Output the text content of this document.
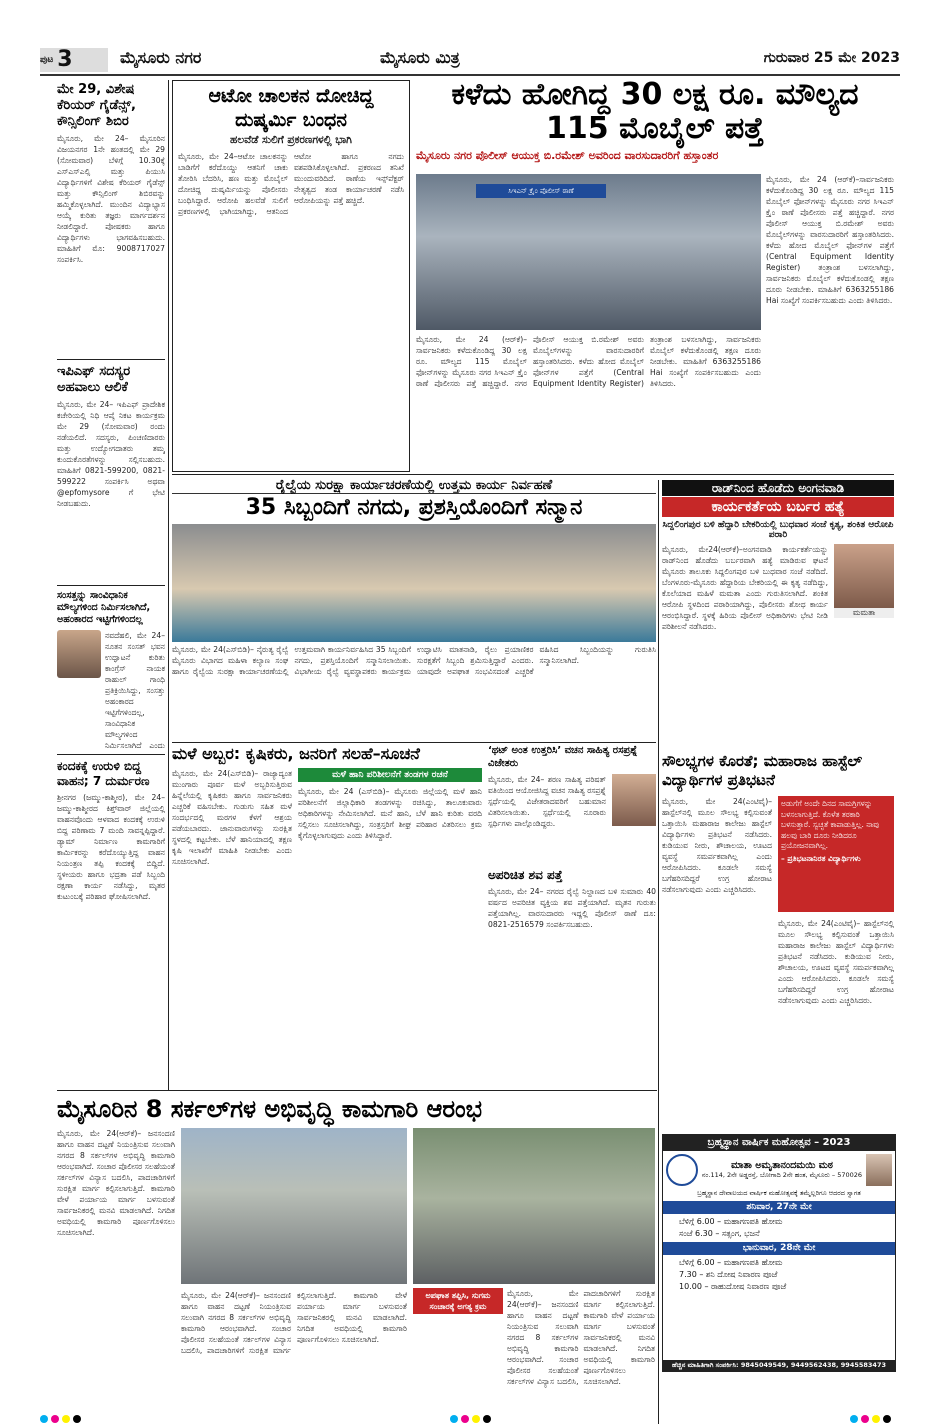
ಪುಟ 3	ಮೈಸೂರು ನಗರ	ಮೈಸೂರು ಮಿತ್ರ	ಗುರುವಾರ 25 ಮೇ 2023
ಮೇ 29, ವಿಶೇಷ ಕೆರಿಯರ್ ಗೈಡೆನ್ಸ್, ಕೌನ್ಸಿಲಿಂಗ್ ಶಿಬಿರ
ಮೈಸೂರು, ಮೇ 24– ಮೈಸೂರಿನ ವಿಜಯನಗರ 1ನೇ ಹಂತದಲ್ಲಿ ಮೇ 29 (ಸೋಮವಾರ) ಬೆಳಿಗ್ಗೆ 10.30ಕ್ಕೆ ಎಸ್ಎಸ್ಎಲ್ಸಿ ಮತ್ತು ಪಿಯುಸಿ ವಿದ್ಯಾರ್ಥಿಗಳಿಗೆ ವಿಶೇಷ ಕೆರಿಯರ್ ಗೈಡೆನ್ಸ್ ಮತ್ತು ಕೌನ್ಸಿಲಿಂಗ್ ಶಿಬಿರವನ್ನು ಹಮ್ಮಿಕೊಳ್ಳಲಾಗಿದೆ. ಮುಂದಿನ ವಿದ್ಯಾಭ್ಯಾಸ ಆಯ್ಕೆ ಕುರಿತು ತಜ್ಞರು ಮಾರ್ಗದರ್ಶನ ನೀಡಲಿದ್ದಾರೆ. ಪೋಷಕರು ಹಾಗೂ ವಿದ್ಯಾರ್ಥಿಗಳು ಭಾಗವಹಿಸಬಹುದು. ಮಾಹಿತಿಗೆ ಮೊ: 9008717027 ಸಂಪರ್ಕಿಸಿ.
ಇಪಿಎಫ್ ಸದಸ್ಯರ ಅಹವಾಲು ಆಲಿಕೆ
ಮೈಸೂರು, ಮೇ 24– ಇಪಿಎಫ್ ಪ್ರಾದೇಶಿಕ ಕಚೇರಿಯಲ್ಲಿ ನಿಧಿ ಆಪ್ಕೆ ನಿಕಟ ಕಾರ್ಯಕ್ರಮ ಮೇ 29 (ಸೋಮವಾರ) ರಂದು ನಡೆಯಲಿದೆ. ಸದಸ್ಯರು, ಪಿಂಚಣಿದಾರರು ಮತ್ತು ಉದ್ಯೋಗದಾತರು ತಮ್ಮ ಕುಂದುಕೊರತೆಗಳನ್ನು ಸಲ್ಲಿಸಬಹುದು. ಮಾಹಿತಿಗೆ 0821-599200, 0821-599222 ಸಂಪರ್ಕಿಸಿ ಅಥವಾ @epfomysore ಗೆ ಭೇಟಿ ನೀಡಬಹುದು.
ಸಂಸತ್ತನ್ನು ಸಾಂವಿಧಾನಿಕ ಮೌಲ್ಯಗಳಿಂದ ನಿರ್ಮಿಸಲಾಗಿದೆ, ಅಹಂಕಾರದ ಇಟ್ಟಿಗೆಗಳಿಂದಲ್ಲ
ನವದೆಹಲಿ, ಮೇ 24– ನೂತನ ಸಂಸತ್ ಭವನ ಉದ್ಘಾಟನೆ ಕುರಿತು ಕಾಂಗ್ರೆಸ್ ನಾಯಕ ರಾಹುಲ್ ಗಾಂಧಿ ಪ್ರತಿಕ್ರಿಯಿಸಿದ್ದು, ಸಂಸತ್ತು ಅಹಂಕಾರದ ಇಟ್ಟಿಗೆಗಳಿಂದಲ್ಲ, ಸಾಂವಿಧಾನಿಕ ಮೌಲ್ಯಗಳಿಂದ ನಿರ್ಮಿಸಲಾಗಿದೆ ಎಂದು
ಕಂದಕಕ್ಕೆ ಉರುಳಿ ಬಿದ್ದ ವಾಹನ; 7 ದುರ್ಮರಣ
ಶ್ರೀನಗರ (ಜಮ್ಮು-ಕಾಶ್ಮೀರ), ಮೇ 24– ಜಮ್ಮು-ಕಾಶ್ಮೀರದ ಕಿಶ್ತ್‌ವಾರ್ ಜಿಲ್ಲೆಯಲ್ಲಿ ವಾಹನವೊಂದು ಆಳವಾದ ಕಂದಕಕ್ಕೆ ಉರುಳಿ ಬಿದ್ದ ಪರಿಣಾಮ 7 ಮಂದಿ ಸಾವನ್ನಪ್ಪಿದ್ದಾರೆ. ಡ್ಯಾಮ್ ನಿರ್ಮಾಣ ಕಾಮಗಾರಿಗೆ ಕಾರ್ಮಿಕರನ್ನು ಕರೆದೊಯ್ಯುತ್ತಿದ್ದ ವಾಹನ ನಿಯಂತ್ರಣ ತಪ್ಪಿ ಕಂದಕಕ್ಕೆ ಬಿದ್ದಿದೆ. ಸ್ಥಳೀಯರು ಹಾಗೂ ಭದ್ರತಾ ಪಡೆ ಸಿಬ್ಬಂದಿ ರಕ್ಷಣಾ ಕಾರ್ಯ ನಡೆಸಿದ್ದು, ಮೃತರ ಕುಟುಂಬಕ್ಕೆ ಪರಿಹಾರ ಘೋಷಿಸಲಾಗಿದೆ.
ಆಟೋ ಚಾಲಕನ ದೋಚಿದ್ದ ದುಷ್ಕರ್ಮಿ ಬಂಧನ
ಹಲವೆಡೆ ಸುಲಿಗೆ ಪ್ರಕರಣಗಳಲ್ಲಿ ಭಾಗಿ
ಮೈಸೂರು, ಮೇ 24–ಆಟೋ ಚಾಲಕನನ್ನು ಬಾಡಿಗೆಗೆ ಕರೆದೊಯ್ದು ಆತನಿಗೆ ಚಾಕು ತೋರಿಸಿ ಬೆದರಿಸಿ, ಹಣ ಮತ್ತು ಮೊಬೈಲ್ ದೋಚಿದ್ದ ದುಷ್ಕರ್ಮಿಯನ್ನು ಪೊಲೀಸರು ಬಂಧಿಸಿದ್ದಾರೆ. ಆರೋಪಿ ಹಲವೆಡೆ ಸುಲಿಗೆ ಪ್ರಕರಣಗಳಲ್ಲಿ ಭಾಗಿಯಾಗಿದ್ದು, ಆತನಿಂದ ಆಟೋ ಹಾಗೂ ನಗದು ವಶಪಡಿಸಿಕೊಳ್ಳಲಾಗಿದೆ. ಪ್ರಕರಣದ ತನಿಖೆ ಮುಂದುವರಿದಿದೆ. ಠಾಣೆಯ ಇನ್ಸ್‌ಪೆಕ್ಟರ್ ನೇತೃತ್ವದ ತಂಡ ಕಾರ್ಯಾಚರಣೆ ನಡೆಸಿ ಆರೋಪಿಯನ್ನು ಪತ್ತೆ ಹಚ್ಚಿದೆ.
ಕಳೆದು ಹೋಗಿದ್ದ 30 ಲಕ್ಷ ರೂ. ಮೌಲ್ಯದ 115 ಮೊಬೈಲ್ ಪತ್ತೆ
ಮೈಸೂರು ನಗರ ಪೊಲೀಸ್ ಆಯುಕ್ತ ಬಿ.ರಮೇಶ್ ಅವರಿಂದ ವಾರಸುದಾರರಿಗೆ ಹಸ್ತಾಂತರ
ಸಿಇಎನ್ ಕ್ರೈಂ ಪೊಲೀಸ್ ಠಾಣೆ
ಮೈಸೂರು, ಮೇ 24 (ಆರ್‌ಕೆ)–ಸಾರ್ವಜನಿಕರು ಕಳೆದುಕೊಂಡಿದ್ದ 30 ಲಕ್ಷ ರೂ. ಮೌಲ್ಯದ 115 ಮೊಬೈಲ್ ಫೋನ್‌ಗಳನ್ನು ಮೈಸೂರು ನಗರ ಸಿಇಎನ್ ಕ್ರೈಂ ಠಾಣೆ ಪೊಲೀಸರು ಪತ್ತೆ ಹಚ್ಚಿದ್ದಾರೆ. ನಗರ ಪೊಲೀಸ್ ಆಯುಕ್ತ ಬಿ.ರಮೇಶ್ ಅವರು ಮೊಬೈಲ್‌ಗಳನ್ನು ವಾರಸುದಾರರಿಗೆ ಹಸ್ತಾಂತರಿಸಿದರು. ಕಳೆದು ಹೋದ ಮೊಬೈಲ್ ಫೋನ್‌ಗಳ ಪತ್ತೆಗೆ (Central Equipment Identity Register) ತಂತ್ರಾಂಶ ಬಳಸಲಾಗಿದ್ದು, ಸಾರ್ವಜನಿಕರು ಮೊಬೈಲ್ ಕಳೆದುಕೊಂಡಲ್ಲಿ ತಕ್ಷಣ ದೂರು ನೀಡಬೇಕು. ಮಾಹಿತಿಗೆ 6363255186 Hai ಸಂಖ್ಯೆಗೆ ಸಂಪರ್ಕಿಸಬಹುದು ಎಂದು ತಿಳಿಸಿದರು.
ಮೈಸೂರು, ಮೇ 24 (ಆರ್‌ಕೆ)–ಸಾರ್ವಜನಿಕರು ಕಳೆದುಕೊಂಡಿದ್ದ 30 ಲಕ್ಷ ರೂ. ಮೌಲ್ಯದ 115 ಮೊಬೈಲ್ ಫೋನ್‌ಗಳನ್ನು ಮೈಸೂರು ನಗರ ಸಿಇಎನ್ ಕ್ರೈಂ ಠಾಣೆ ಪೊಲೀಸರು ಪತ್ತೆ ಹಚ್ಚಿದ್ದಾರೆ. ನಗರ ಪೊಲೀಸ್ ಆಯುಕ್ತ ಬಿ.ರಮೇಶ್ ಅವರು ಮೊಬೈಲ್‌ಗಳನ್ನು ವಾರಸುದಾರರಿಗೆ ಹಸ್ತಾಂತರಿಸಿದರು. ಕಳೆದು ಹೋದ ಮೊಬೈಲ್ ಫೋನ್‌ಗಳ ಪತ್ತೆಗೆ (Central Equipment Identity Register) ತಂತ್ರಾಂಶ ಬಳಸಲಾಗಿದ್ದು, ಸಾರ್ವಜನಿಕರು ಮೊಬೈಲ್ ಕಳೆದುಕೊಂಡಲ್ಲಿ ತಕ್ಷಣ ದೂರು ನೀಡಬೇಕು. ಮಾಹಿತಿಗೆ 6363255186 Hai ಸಂಖ್ಯೆಗೆ ಸಂಪರ್ಕಿಸಬಹುದು ಎಂದು ತಿಳಿಸಿದರು.
ರೈಲ್ವೆಯ ಸುರಕ್ಷಾ ಕಾರ್ಯಾಚರಣೆಯಲ್ಲಿ ಉತ್ತಮ ಕಾರ್ಯ ನಿರ್ವಹಣೆ
35 ಸಿಬ್ಬಂದಿಗೆ ನಗದು, ಪ್ರಶಸ್ತಿಯೊಂದಿಗೆ ಸನ್ಮಾನ
ಮೈಸೂರು, ಮೇ 24(ಎಸ್‌ಬಿಡಿ)– ನೈರುತ್ಯ ರೈಲ್ವೆ ಮೈಸೂರು ವಿಭಾಗದ ಮಹಿಳಾ ಕಲ್ಯಾಣ ಸಂಘ ಹಾಗೂ ರೈಲ್ವೆಯ ಸುರಕ್ಷಾ ಕಾರ್ಯಾಚರಣೆಯಲ್ಲಿ ಉತ್ತಮವಾಗಿ ಕಾರ್ಯನಿರ್ವಹಿಸಿದ 35 ಸಿಬ್ಬಂದಿಗೆ ನಗದು, ಪ್ರಶಸ್ತಿಯೊಂದಿಗೆ ಸನ್ಮಾನಿಸಲಾಯಿತು. ವಿಭಾಗೀಯ ರೈಲ್ವೆ ವ್ಯವಸ್ಥಾಪಕರು ಕಾರ್ಯಕ್ರಮ ಉದ್ಘಾಟಿಸಿ ಮಾತನಾಡಿ, ರೈಲು ಪ್ರಯಾಣಿಕರ ಸುರಕ್ಷತೆಗೆ ಸಿಬ್ಬಂದಿ ಶ್ರಮಿಸುತ್ತಿದ್ದಾರೆ ಎಂದರು. ಯಾವುದೇ ಅಪಘಾತ ಸಂಭವಿಸದಂತೆ ಎಚ್ಚರಿಕೆ ವಹಿಸಿದ ಸಿಬ್ಬಂದಿಯನ್ನು ಗುರುತಿಸಿ ಸನ್ಮಾನಿಸಲಾಗಿದೆ.
ರಾಡ್‌ನಿಂದ ಹೊಡೆದು ಅಂಗನವಾಡಿ
ಕಾರ್ಯಕರ್ತೆಯ ಬರ್ಬರ ಹತ್ಯೆ
ಸಿದ್ದಲಿಂಗಪುರ ಬಳಿ ಹೆದ್ದಾರಿ ಬೇಕರಿಯಲ್ಲಿ ಬುಧವಾರ ಸಂಜೆ ಕೃತ್ಯ, ಶಂಕಿತ ಆರೋಪಿ ಪರಾರಿ
ಮಮತಾ
ಮೈಸೂರು, ಮೇ24(ಆರ್‌ಕೆ)–ಅಂಗನವಾಡಿ ಕಾರ್ಯಕರ್ತೆಯನ್ನು ರಾಡ್‌ನಿಂದ ಹೊಡೆದು ಬರ್ಬರವಾಗಿ ಹತ್ಯೆ ಮಾಡಿರುವ ಘಟನೆ ಮೈಸೂರು ತಾಲೂಕು ಸಿದ್ದಲಿಂಗಪುರ ಬಳಿ ಬುಧವಾರ ಸಂಜೆ ನಡೆದಿದೆ. ಬೆಂಗಳೂರು-ಮೈಸೂರು ಹೆದ್ದಾರಿಯ ಬೇಕರಿಯಲ್ಲಿ ಈ ಕೃತ್ಯ ನಡೆದಿದ್ದು, ಕೊಲೆಯಾದ ಮಹಿಳೆ ಮಮತಾ ಎಂದು ಗುರುತಿಸಲಾಗಿದೆ. ಶಂಕಿತ ಆರೋಪಿ ಸ್ಥಳದಿಂದ ಪರಾರಿಯಾಗಿದ್ದು, ಪೊಲೀಸರು ಶೋಧ ಕಾರ್ಯ ಆರಂಭಿಸಿದ್ದಾರೆ. ಸ್ಥಳಕ್ಕೆ ಹಿರಿಯ ಪೊಲೀಸ್ ಅಧಿಕಾರಿಗಳು ಭೇಟಿ ನೀಡಿ ಪರಿಶೀಲನೆ ನಡೆಸಿದರು.
ಮಳೆ ಅಬ್ಬರ: ಕೃಷಿಕರು, ಜನರಿಗೆ ಸಲಹೆ–ಸೂಚನೆ
ಮೈಸೂರು, ಮೇ 24(ಎಸ್‌ಬಿಡಿ)– ರಾಜ್ಯಾದ್ಯಂತ ಮುಂಗಾರು ಪೂರ್ವ ಮಳೆ ಅಬ್ಬರಿಸುತ್ತಿರುವ ಹಿನ್ನೆಲೆಯಲ್ಲಿ ಕೃಷಿಕರು ಹಾಗೂ ಸಾರ್ವಜನಿಕರು ಎಚ್ಚರಿಕೆ ವಹಿಸಬೇಕು. ಗುಡುಗು ಸಹಿತ ಮಳೆ ಸಂದರ್ಭದಲ್ಲಿ ಮರಗಳ ಕೆಳಗೆ ಆಶ್ರಯ ಪಡೆಯಬಾರದು. ಜಾನುವಾರುಗಳನ್ನು ಸುರಕ್ಷಿತ ಸ್ಥಳದಲ್ಲಿ ಕಟ್ಟಬೇಕು. ಬೆಳೆ ಹಾನಿಯಾದಲ್ಲಿ ತಕ್ಷಣ ಕೃಷಿ ಇಲಾಖೆಗೆ ಮಾಹಿತಿ ನೀಡಬೇಕು ಎಂದು ಸೂಚಿಸಲಾಗಿದೆ.
ಮಳೆ ಹಾನಿ ಪರಿಶೀಲನೆಗೆ ತಂಡಗಳ ರಚನೆ
ಮೈಸೂರು, ಮೇ 24 (ಎಸ್‌ಬಿಡಿ)– ಮೈಸೂರು ಜಿಲ್ಲೆಯಲ್ಲಿ ಮಳೆ ಹಾನಿ ಪರಿಶೀಲನೆಗೆ ಜಿಲ್ಲಾಧಿಕಾರಿ ತಂಡಗಳನ್ನು ರಚಿಸಿದ್ದು, ತಾಲೂಕುವಾರು ಅಧಿಕಾರಿಗಳನ್ನು ನೇಮಿಸಲಾಗಿದೆ. ಮನೆ ಹಾನಿ, ಬೆಳೆ ಹಾನಿ ಕುರಿತು ವರದಿ ಸಲ್ಲಿಸಲು ಸೂಚಿಸಲಾಗಿದ್ದು, ಸಂತ್ರಸ್ತರಿಗೆ ಶೀಘ್ರ ಪರಿಹಾರ ವಿತರಿಸಲು ಕ್ರಮ ಕೈಗೊಳ್ಳಲಾಗುವುದು ಎಂದು ತಿಳಿಸಿದ್ದಾರೆ.
‘ಥಟ್ ಅಂತ ಉತ್ತರಿಸಿ’ ವಚನ ಸಾಹಿತ್ಯ ರಸಪ್ರಶ್ನೆ ವಿಜೇತರು
ಮೈಸೂರು, ಮೇ 24– ಶರಣ ಸಾಹಿತ್ಯ ಪರಿಷತ್ ವತಿಯಿಂದ ಆಯೋಜಿಸಿದ್ದ ವಚನ ಸಾಹಿತ್ಯ ರಸಪ್ರಶ್ನೆ ಸ್ಪರ್ಧೆಯಲ್ಲಿ ವಿಜೇತರಾದವರಿಗೆ ಬಹುಮಾನ ವಿತರಿಸಲಾಯಿತು. ಸ್ಪರ್ಧೆಯಲ್ಲಿ ನೂರಾರು ಸ್ಪರ್ಧಿಗಳು ಪಾಲ್ಗೊಂಡಿದ್ದರು.
ಅಪರಿಚಿತ ಶವ ಪತ್ತೆ
ಮೈಸೂರು, ಮೇ 24– ನಗರದ ರೈಲ್ವೆ ನಿಲ್ದಾಣದ ಬಳಿ ಸುಮಾರು 40 ವರ್ಷದ ಅಪರಿಚಿತ ವ್ಯಕ್ತಿಯ ಶವ ಪತ್ತೆಯಾಗಿದೆ. ಮೃತನ ಗುರುತು ಪತ್ತೆಯಾಗಿಲ್ಲ. ವಾರಸುದಾರರು ಇದ್ದಲ್ಲಿ ಪೊಲೀಸ್ ಠಾಣೆ ದೂ: 0821-2516579 ಸಂಪರ್ಕಿಸಬಹುದು.
ಸೌಲಭ್ಯಗಳ ಕೊರತೆ; ಮಹಾರಾಜ ಹಾಸ್ಟೆಲ್ ವಿದ್ಯಾರ್ಥಿಗಳ ಪ್ರತಿಭಟನೆ
ಮೈಸೂರು, ಮೇ 24(ಎಂಟಿವೈ)– ಹಾಸ್ಟೆಲ್‌ನಲ್ಲಿ ಮೂಲ ಸೌಲಭ್ಯ ಕಲ್ಪಿಸುವಂತೆ ಒತ್ತಾಯಿಸಿ ಮಹಾರಾಜ ಕಾಲೇಜು ಹಾಸ್ಟೆಲ್ ವಿದ್ಯಾರ್ಥಿಗಳು ಪ್ರತಿಭಟನೆ ನಡೆಸಿದರು. ಕುಡಿಯುವ ನೀರು, ಶೌಚಾಲಯ, ಊಟದ ವ್ಯವಸ್ಥೆ ಸಮರ್ಪಕವಾಗಿಲ್ಲ ಎಂದು ಆರೋಪಿಸಿದರು. ಕೂಡಲೇ ಸಮಸ್ಯೆ ಬಗೆಹರಿಸದಿದ್ದರೆ ಉಗ್ರ ಹೋರಾಟ ನಡೆಸಲಾಗುವುದು ಎಂದು ಎಚ್ಚರಿಸಿದರು.
ಅಡುಗೆಗೆ ಅಂದೇ ದಿನದ ಸಾಮಗ್ರಿಗಳನ್ನು ಬಳಸಲಾಗುತ್ತಿದೆ. ಕೊಳೆತ ತರಕಾರಿ ಬಳಸುತ್ತಾರೆ. ಸ್ವಚ್ಛತೆ ಕಾಪಾಡುತ್ತಿಲ್ಲ. ನಾವು ಹಲವು ಬಾರಿ ದೂರು ನೀಡಿದರೂ ಪ್ರಯೋಜನವಾಗಿಲ್ಲ.
– ಪ್ರತಿಭಟನಾನಿರತ ವಿದ್ಯಾರ್ಥಿಗಳು
ಮೈಸೂರು, ಮೇ 24(ಎಂಟಿವೈ)– ಹಾಸ್ಟೆಲ್‌ನಲ್ಲಿ ಮೂಲ ಸೌಲಭ್ಯ ಕಲ್ಪಿಸುವಂತೆ ಒತ್ತಾಯಿಸಿ ಮಹಾರಾಜ ಕಾಲೇಜು ಹಾಸ್ಟೆಲ್ ವಿದ್ಯಾರ್ಥಿಗಳು ಪ್ರತಿಭಟನೆ ನಡೆಸಿದರು. ಕುಡಿಯುವ ನೀರು, ಶೌಚಾಲಯ, ಊಟದ ವ್ಯವಸ್ಥೆ ಸಮರ್ಪಕವಾಗಿಲ್ಲ ಎಂದು ಆರೋಪಿಸಿದರು. ಕೂಡಲೇ ಸಮಸ್ಯೆ ಬಗೆಹರಿಸದಿದ್ದರೆ ಉಗ್ರ ಹೋರಾಟ ನಡೆಸಲಾಗುವುದು ಎಂದು ಎಚ್ಚರಿಸಿದರು.
ಮೈಸೂರಿನ 8 ಸರ್ಕಲ್‌ಗಳ ಅಭಿವೃದ್ಧಿ ಕಾಮಗಾರಿ ಆರಂಭ
ಮೈಸೂರು, ಮೇ 24(ಆರ್‌ಕೆ)– ಜನಸಂದಣಿ ಹಾಗೂ ವಾಹನ ದಟ್ಟಣೆ ನಿಯಂತ್ರಿಸುವ ಸಲುವಾಗಿ ನಗರದ 8 ಸರ್ಕಲ್‌ಗಳ ಅಭಿವೃದ್ಧಿ ಕಾಮಗಾರಿ ಆರಂಭವಾಗಿದೆ. ಸಂಚಾರ ಪೊಲೀಸರ ಸಲಹೆಯಂತೆ ಸರ್ಕಲ್‌ಗಳ ವಿನ್ಯಾಸ ಬದಲಿಸಿ, ಪಾದಚಾರಿಗಳಿಗೆ ಸುರಕ್ಷಿತ ಮಾರ್ಗ ಕಲ್ಪಿಸಲಾಗುತ್ತಿದೆ. ಕಾಮಗಾರಿ ವೇಳೆ ಪರ್ಯಾಯ ಮಾರ್ಗ ಬಳಸುವಂತೆ ಸಾರ್ವಜನಿಕರಲ್ಲಿ ಮನವಿ ಮಾಡಲಾಗಿದೆ. ನಿಗದಿತ ಅವಧಿಯಲ್ಲಿ ಕಾಮಗಾರಿ ಪೂರ್ಣಗೊಳಿಸಲು ಸೂಚಿಸಲಾಗಿದೆ.
ಮೈಸೂರು, ಮೇ 24(ಆರ್‌ಕೆ)– ಜನಸಂದಣಿ ಹಾಗೂ ವಾಹನ ದಟ್ಟಣೆ ನಿಯಂತ್ರಿಸುವ ಸಲುವಾಗಿ ನಗರದ 8 ಸರ್ಕಲ್‌ಗಳ ಅಭಿವೃದ್ಧಿ ಕಾಮಗಾರಿ ಆರಂಭವಾಗಿದೆ. ಸಂಚಾರ ಪೊಲೀಸರ ಸಲಹೆಯಂತೆ ಸರ್ಕಲ್‌ಗಳ ವಿನ್ಯಾಸ ಬದಲಿಸಿ, ಪಾದಚಾರಿಗಳಿಗೆ ಸುರಕ್ಷಿತ ಮಾರ್ಗ ಕಲ್ಪಿಸಲಾಗುತ್ತಿದೆ. ಕಾಮಗಾರಿ ವೇಳೆ ಪರ್ಯಾಯ ಮಾರ್ಗ ಬಳಸುವಂತೆ ಸಾರ್ವಜನಿಕರಲ್ಲಿ ಮನವಿ ಮಾಡಲಾಗಿದೆ. ನಿಗದಿತ ಅವಧಿಯಲ್ಲಿ ಕಾಮಗಾರಿ ಪೂರ್ಣಗೊಳಿಸಲು ಸೂಚಿಸಲಾಗಿದೆ.
ಅಪಘಾತ ತಪ್ಪಿಸಿ, ಸುಗಮ ಸಂಚಾರಕ್ಕೆ ಅಗತ್ಯ ಕ್ರಮ
ಮೈಸೂರು, ಮೇ 24(ಆರ್‌ಕೆ)– ಜನಸಂದಣಿ ಹಾಗೂ ವಾಹನ ದಟ್ಟಣೆ ನಿಯಂತ್ರಿಸುವ ಸಲುವಾಗಿ ನಗರದ 8 ಸರ್ಕಲ್‌ಗಳ ಅಭಿವೃದ್ಧಿ ಕಾಮಗಾರಿ ಆರಂಭವಾಗಿದೆ. ಸಂಚಾರ ಪೊಲೀಸರ ಸಲಹೆಯಂತೆ ಸರ್ಕಲ್‌ಗಳ ವಿನ್ಯಾಸ ಬದಲಿಸಿ, ಪಾದಚಾರಿಗಳಿಗೆ ಸುರಕ್ಷಿತ ಮಾರ್ಗ ಕಲ್ಪಿಸಲಾಗುತ್ತಿದೆ. ಕಾಮಗಾರಿ ವೇಳೆ ಪರ್ಯಾಯ ಮಾರ್ಗ ಬಳಸುವಂತೆ ಸಾರ್ವಜನಿಕರಲ್ಲಿ ಮನವಿ ಮಾಡಲಾಗಿದೆ. ನಿಗದಿತ ಅವಧಿಯಲ್ಲಿ ಕಾಮಗಾರಿ ಪೂರ್ಣಗೊಳಿಸಲು ಸೂಚಿಸಲಾಗಿದೆ.
ಬ್ರಹ್ಮಸ್ಥಾನ ವಾರ್ಷಿಕ ಮಹೋತ್ಸವ – 2023
ಮಾತಾ ಅಮೃತಾನಂದಮಯಿ ಮಠ
ನಂ.114, 2ನೇ ಅಡ್ಡರಸ್ತೆ, ಬೋಗಾದಿ 2ನೇ ಹಂತ, ಮೈಸೂರು – 570026
ಬ್ರಹ್ಮಸ್ಥಾನ ದೇವಾಲಯದ ವಾರ್ಷಿಕ ಮಹೋತ್ಸವಕ್ಕೆ ತಮ್ಮೆಲ್ಲರಿಗೂ ಆದರದ ಸ್ವಾಗತ
ಶನಿವಾರ, 27ನೇ ಮೇ
ಬೆಳಿಗ್ಗೆ 6.00 – ಮಹಾಗಣಪತಿ ಹೋಮ
ಸಂಜೆ 6.30 – ಸತ್ಸಂಗ, ಭಜನೆ
ಭಾನುವಾರ, 28ನೇ ಮೇ
ಬೆಳಿಗ್ಗೆ 6.00 – ಮಹಾಗಣಪತಿ ಹೋಮ
7.30 – ಶನಿ ದೋಷ ನಿವಾರಣ ಪೂಜೆ
10.00 – ರಾಹುದೋಷ ನಿವಾರಣ ಪೂಜೆ
ಹೆಚ್ಚಿನ ಮಾಹಿತಿಗಾಗಿ ಸಂಪರ್ಕಿಸಿ: 9845049549, 9449562438, 9945583473
